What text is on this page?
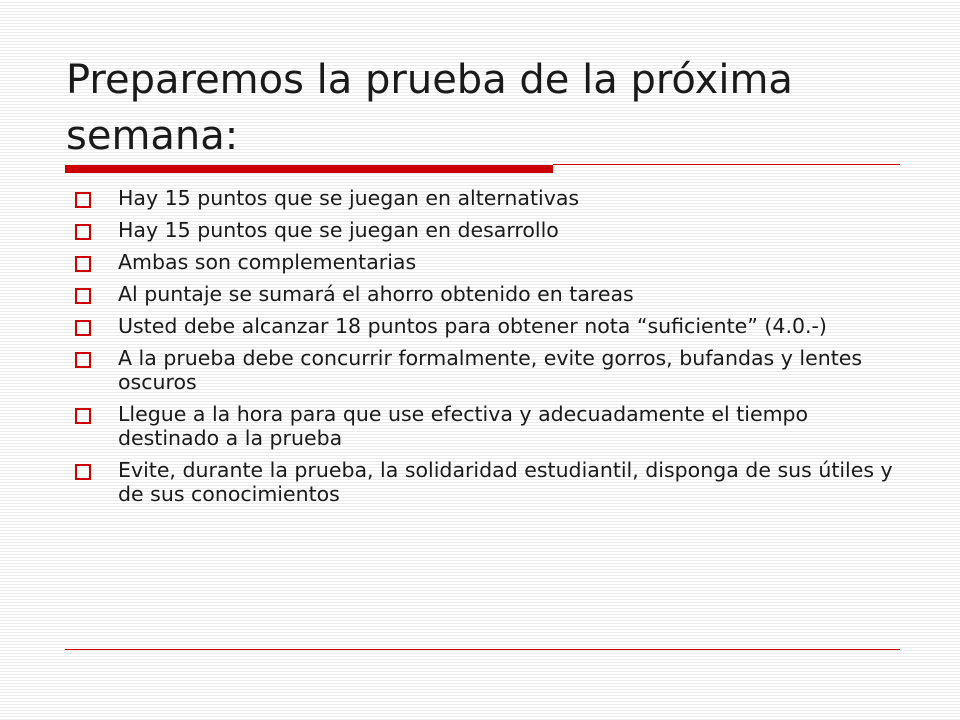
Preparemos la prueba de la próxima semana:
Hay 15 puntos que se juegan en alternativas
Hay 15 puntos que se juegan en desarrollo
Ambas son complementarias
Al puntaje se sumará el ahorro obtenido en tareas
Usted debe alcanzar 18 puntos para obtener nota “suficiente” (4.0.-)
A la prueba debe concurrir formalmente, evite gorros, bufandas y lentes oscuros
Llegue a la hora para que use efectiva y adecuadamente el tiempo destinado a la prueba
Evite, durante la prueba, la solidaridad estudiantil, disponga de sus útiles y de sus conocimientos
